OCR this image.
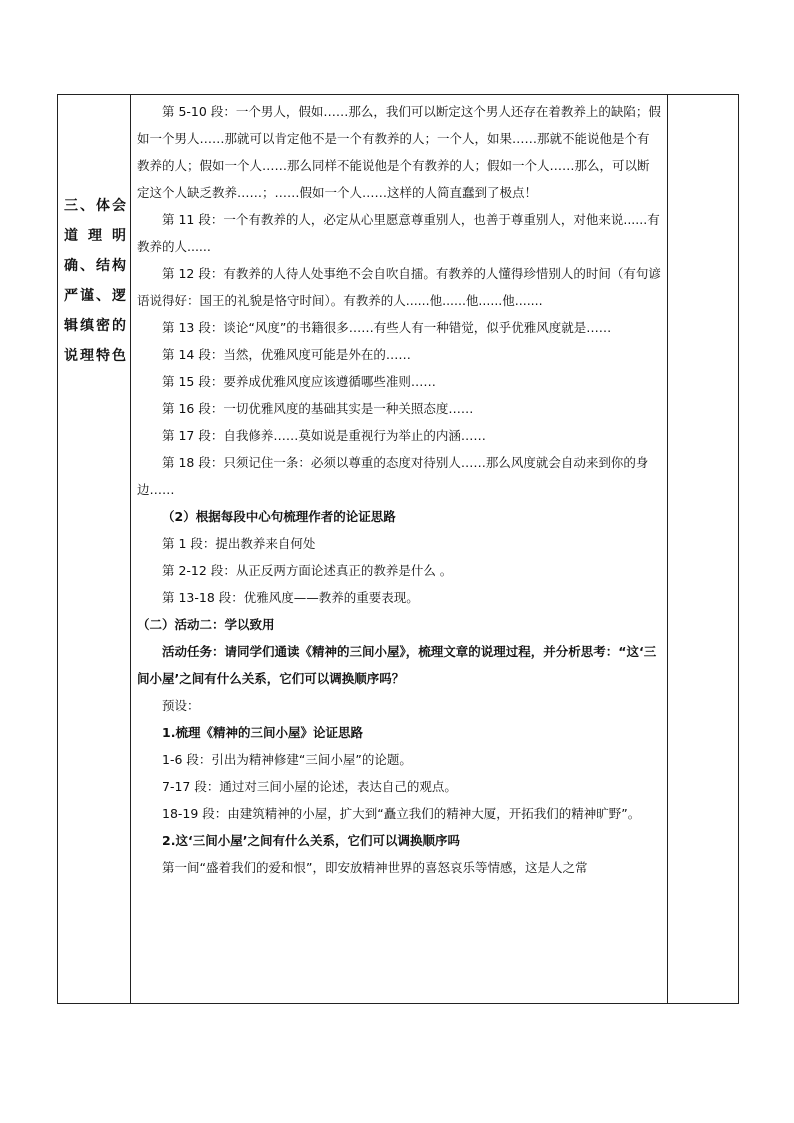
三、体会道理明确、结构严谨、逻辑缜密的说理特色

第 5-10 段：一个男人，假如……那么，我们可以断定这个男人还存在着教养上的缺陷；假如一个男人……那就可以肯定他不是一个有教养的人；一个人，如果……那就不能说他是个有教养的人；假如一个人……那么同样不能说他是个有教养的人；假如一个人……那么，可以断定这个人缺乏教养……；……假如一个人……这样的人简直蠢到了极点！

第 11 段：一个有教养的人，必定从心里愿意尊重别人，也善于尊重别人，对他来说......有教养的人......

第 12 段：有教养的人待人处事绝不会自吹自擂。有教养的人懂得珍惜别人的时间（有句谚语说得好：国王的礼貌是恪守时间）。有教养的人......他......他......他.......

第 13 段：谈论“风度”的书籍很多……有些人有一种错觉，似乎优雅风度就是……

第 14 段：当然，优雅风度可能是外在的……

第 15 段：要养成优雅风度应该遵循哪些准则……

第 16 段：一切优雅风度的基础其实是一种关照态度……

第 17 段：自我修养……莫如说是重视行为举止的内涵……

第 18 段：只须记住一条：必须以尊重的态度对待别人……那么风度就会自动来到你的身边……

（2）根据每段中心句梳理作者的论证思路

第 1 段：提出教养来自何处

第 2-12 段：从正反两方面论述真正的教养是什么 。

第 13-18 段：优雅风度——教养的重要表现。

（二）活动二：学以致用

活动任务：请同学们通读《精神的三间小屋》，梳理文章的说理过程，并分析思考：“这‘三间小屋’之间有什么关系，它们可以调换顺序吗？

预设：

1.梳理《精神的三间小屋》论证思路

1-6 段：引出为精神修建“三间小屋”的论题。

7-17 段：通过对三间小屋的论述，表达自己的观点。

18-19 段：由建筑精神的小屋，扩大到“矗立我们的精神大厦，开拓我们的精神旷野”。

2.这‘三间小屋’之间有什么关系，它们可以调换顺序吗

第一间“盛着我们的爱和恨”，即安放精神世界的喜怒哀乐等情感，这是人之常
